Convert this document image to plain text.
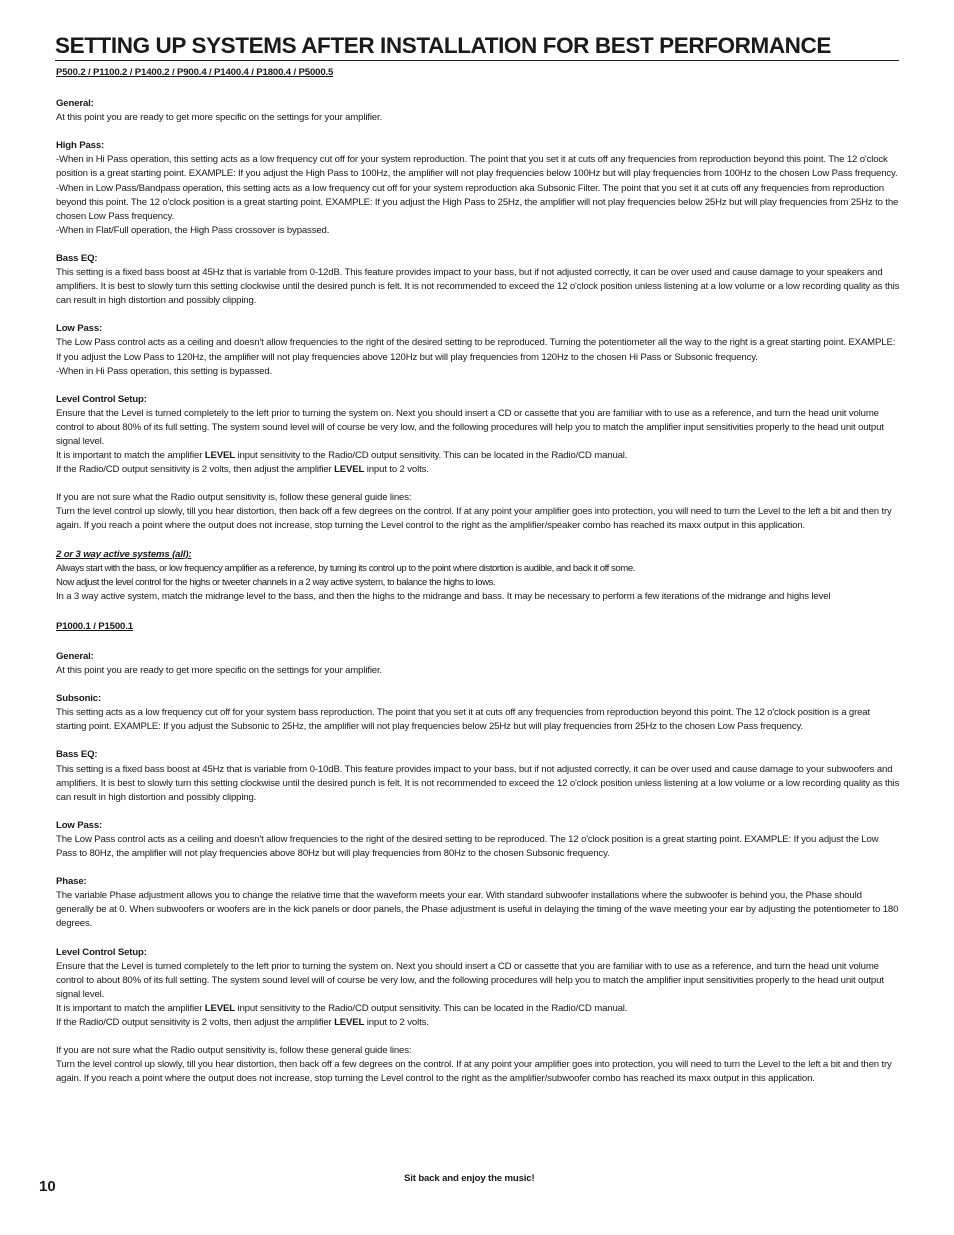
SETTING UP SYSTEMS AFTER INSTALLATION FOR BEST PERFORMANCE

P500.2 / P1100.2 / P1400.2 / P900.4 / P1400.4 / P1800.4 / P5000.5

General:

At this point you are ready to get more specific on the settings for your amplifier.

High Pass:

-When in Hi Pass operation, this setting acts as a low frequency cut off for your system reproduction. The point that you set it at cuts off any frequencies from reproduction beyond this point. The 12 o'clock position is a great starting point. EXAMPLE: If you adjust the High Pass to 100Hz, the amplifier will not play frequencies below 100Hz but will play frequencies from 100Hz to the chosen Low Pass frequency.

-When in Low Pass/Bandpass operation, this setting acts as a low frequency cut off for your system reproduction aka Subsonic Filter. The point that you set it at cuts off any frequencies from reproduction beyond this point. The 12 o'clock position is a great starting point. EXAMPLE: If you adjust the High Pass to 25Hz, the amplifier will not play frequencies below 25Hz but will play frequencies from 25Hz to the chosen Low Pass frequency.

-When in Flat/Full operation, the High Pass crossover is bypassed.

Bass EQ:

This setting is a fixed bass boost at 45Hz that is variable from 0-12dB. This feature provides impact to your bass, but if not adjusted correctly, it can be over used and cause damage to your speakers and amplifiers. It is best to slowly turn this setting clockwise until the desired punch is felt. It is not recommended to exceed the 12 o'clock position unless listening at a low volume or a low recording quality as this can result in high distortion and possibly clipping.

Low Pass:

The Low Pass control acts as a ceiling and doesn't allow frequencies to the right of the desired setting to be reproduced. Turning the potentiometer all the way to the right is a great starting point. EXAMPLE: If you adjust the Low Pass to 120Hz, the amplifier will not play frequencies above 120Hz but will play frequencies from 120Hz to the chosen Hi Pass or Subsonic frequency.

-When in Hi Pass operation, this setting is bypassed.

Level Control Setup:

Ensure that the Level is turned completely to the left prior to turning the system on. Next you should insert a CD or cassette that you are familiar with to use as a reference, and turn the head unit volume control to about 80% of its full setting. The system sound level will of course be very low, and the following procedures will help you to match the amplifier input sensitivities properly to the head unit output signal level.

It is important to match the amplifier LEVEL input sensitivity to the Radio/CD output sensitivity. This can be located in the Radio/CD manual.

If the Radio/CD output sensitivity is 2 volts, then adjust the amplifier LEVEL input to 2 volts.

If you are not sure what the Radio output sensitivity is, follow these general guide lines:

Turn the level control up slowly, till you hear distortion, then back off a few degrees on the control. If at any point your amplifier goes into protection, you will need to turn the Level to the left a bit and then try again. If you reach a point where the output does not increase, stop turning the Level control to the right as the amplifier/speaker combo has reached its maxx output in this application.

2 or 3 way active systems (all):

Always start with the bass, or low frequency amplifier as a reference, by turning its control up to the point where distortion is audible, and back it off some.

Now adjust the level control for the highs or tweeter channels in a 2 way active system, to balance the highs to lows.

In a 3 way active system, match the midrange level to the bass, and then the highs to the midrange and bass. It may be necessary to perform a few iterations of the midrange and highs level

P1000.1 / P1500.1

General:

At this point you are ready to get more specific on the settings for your amplifier.

Subsonic:

This setting acts as a low frequency cut off for your system bass reproduction. The point that you set it at cuts off any frequencies from reproduction beyond this point. The 12 o'clock position is a great starting point. EXAMPLE: If you adjust the Subsonic to 25Hz, the amplifier will not play frequencies below 25Hz but will play frequencies from 25Hz to the chosen Low Pass frequency.

Bass EQ:

This setting is a fixed bass boost at 45Hz that is variable from 0-10dB. This feature provides impact to your bass, but if not adjusted correctly, it can be over used and cause damage to your subwoofers and amplifiers. It is best to slowly turn this setting clockwise until the desired punch is felt. It is not recommended to exceed the 12 o'clock position unless listening at a low volume or a low recording quality as this can result in high distortion and possibly clipping.

Low Pass:

The Low Pass control acts as a ceiling and doesn't allow frequencies to the right of the desired setting to be reproduced. The 12 o'clock position is a great starting point. EXAMPLE: If you adjust the Low Pass to 80Hz, the amplifier will not play frequencies above 80Hz but will play frequencies from 80Hz to the chosen Subsonic frequency.

Phase:

The variable Phase adjustment allows you to change the relative time that the waveform meets your ear. With standard subwoofer installations where the subwoofer is behind you, the Phase should generally be at 0. When subwoofers or woofers are in the kick panels or door panels, the Phase adjustment is useful in delaying the timing of the wave meeting your ear by adjusting the potentiometer to 180 degrees.

Level Control Setup:

Ensure that the Level is turned completely to the left prior to turning the system on. Next you should insert a CD or cassette that you are familiar with to use as a reference, and turn the head unit volume control to about 80% of its full setting. The system sound level will of course be very low, and the following procedures will help you to match the amplifier input sensitivities properly to the head unit output signal level.

It is important to match the amplifier LEVEL input sensitivity to the Radio/CD output sensitivity. This can be located in the Radio/CD manual.

If the Radio/CD output sensitivity is 2 volts, then adjust the amplifier LEVEL input to 2 volts.

If you are not sure what the Radio output sensitivity is, follow these general guide lines:

Turn the level control up slowly, till you hear distortion, then back off a few degrees on the control. If at any point your amplifier goes into protection, you will need to turn the Level to the left a bit and then try again. If you reach a point where the output does not increase, stop turning the Level control to the right as the amplifier/subwoofer combo has reached its maxx output in this application.

Sit back and enjoy the music!
10
